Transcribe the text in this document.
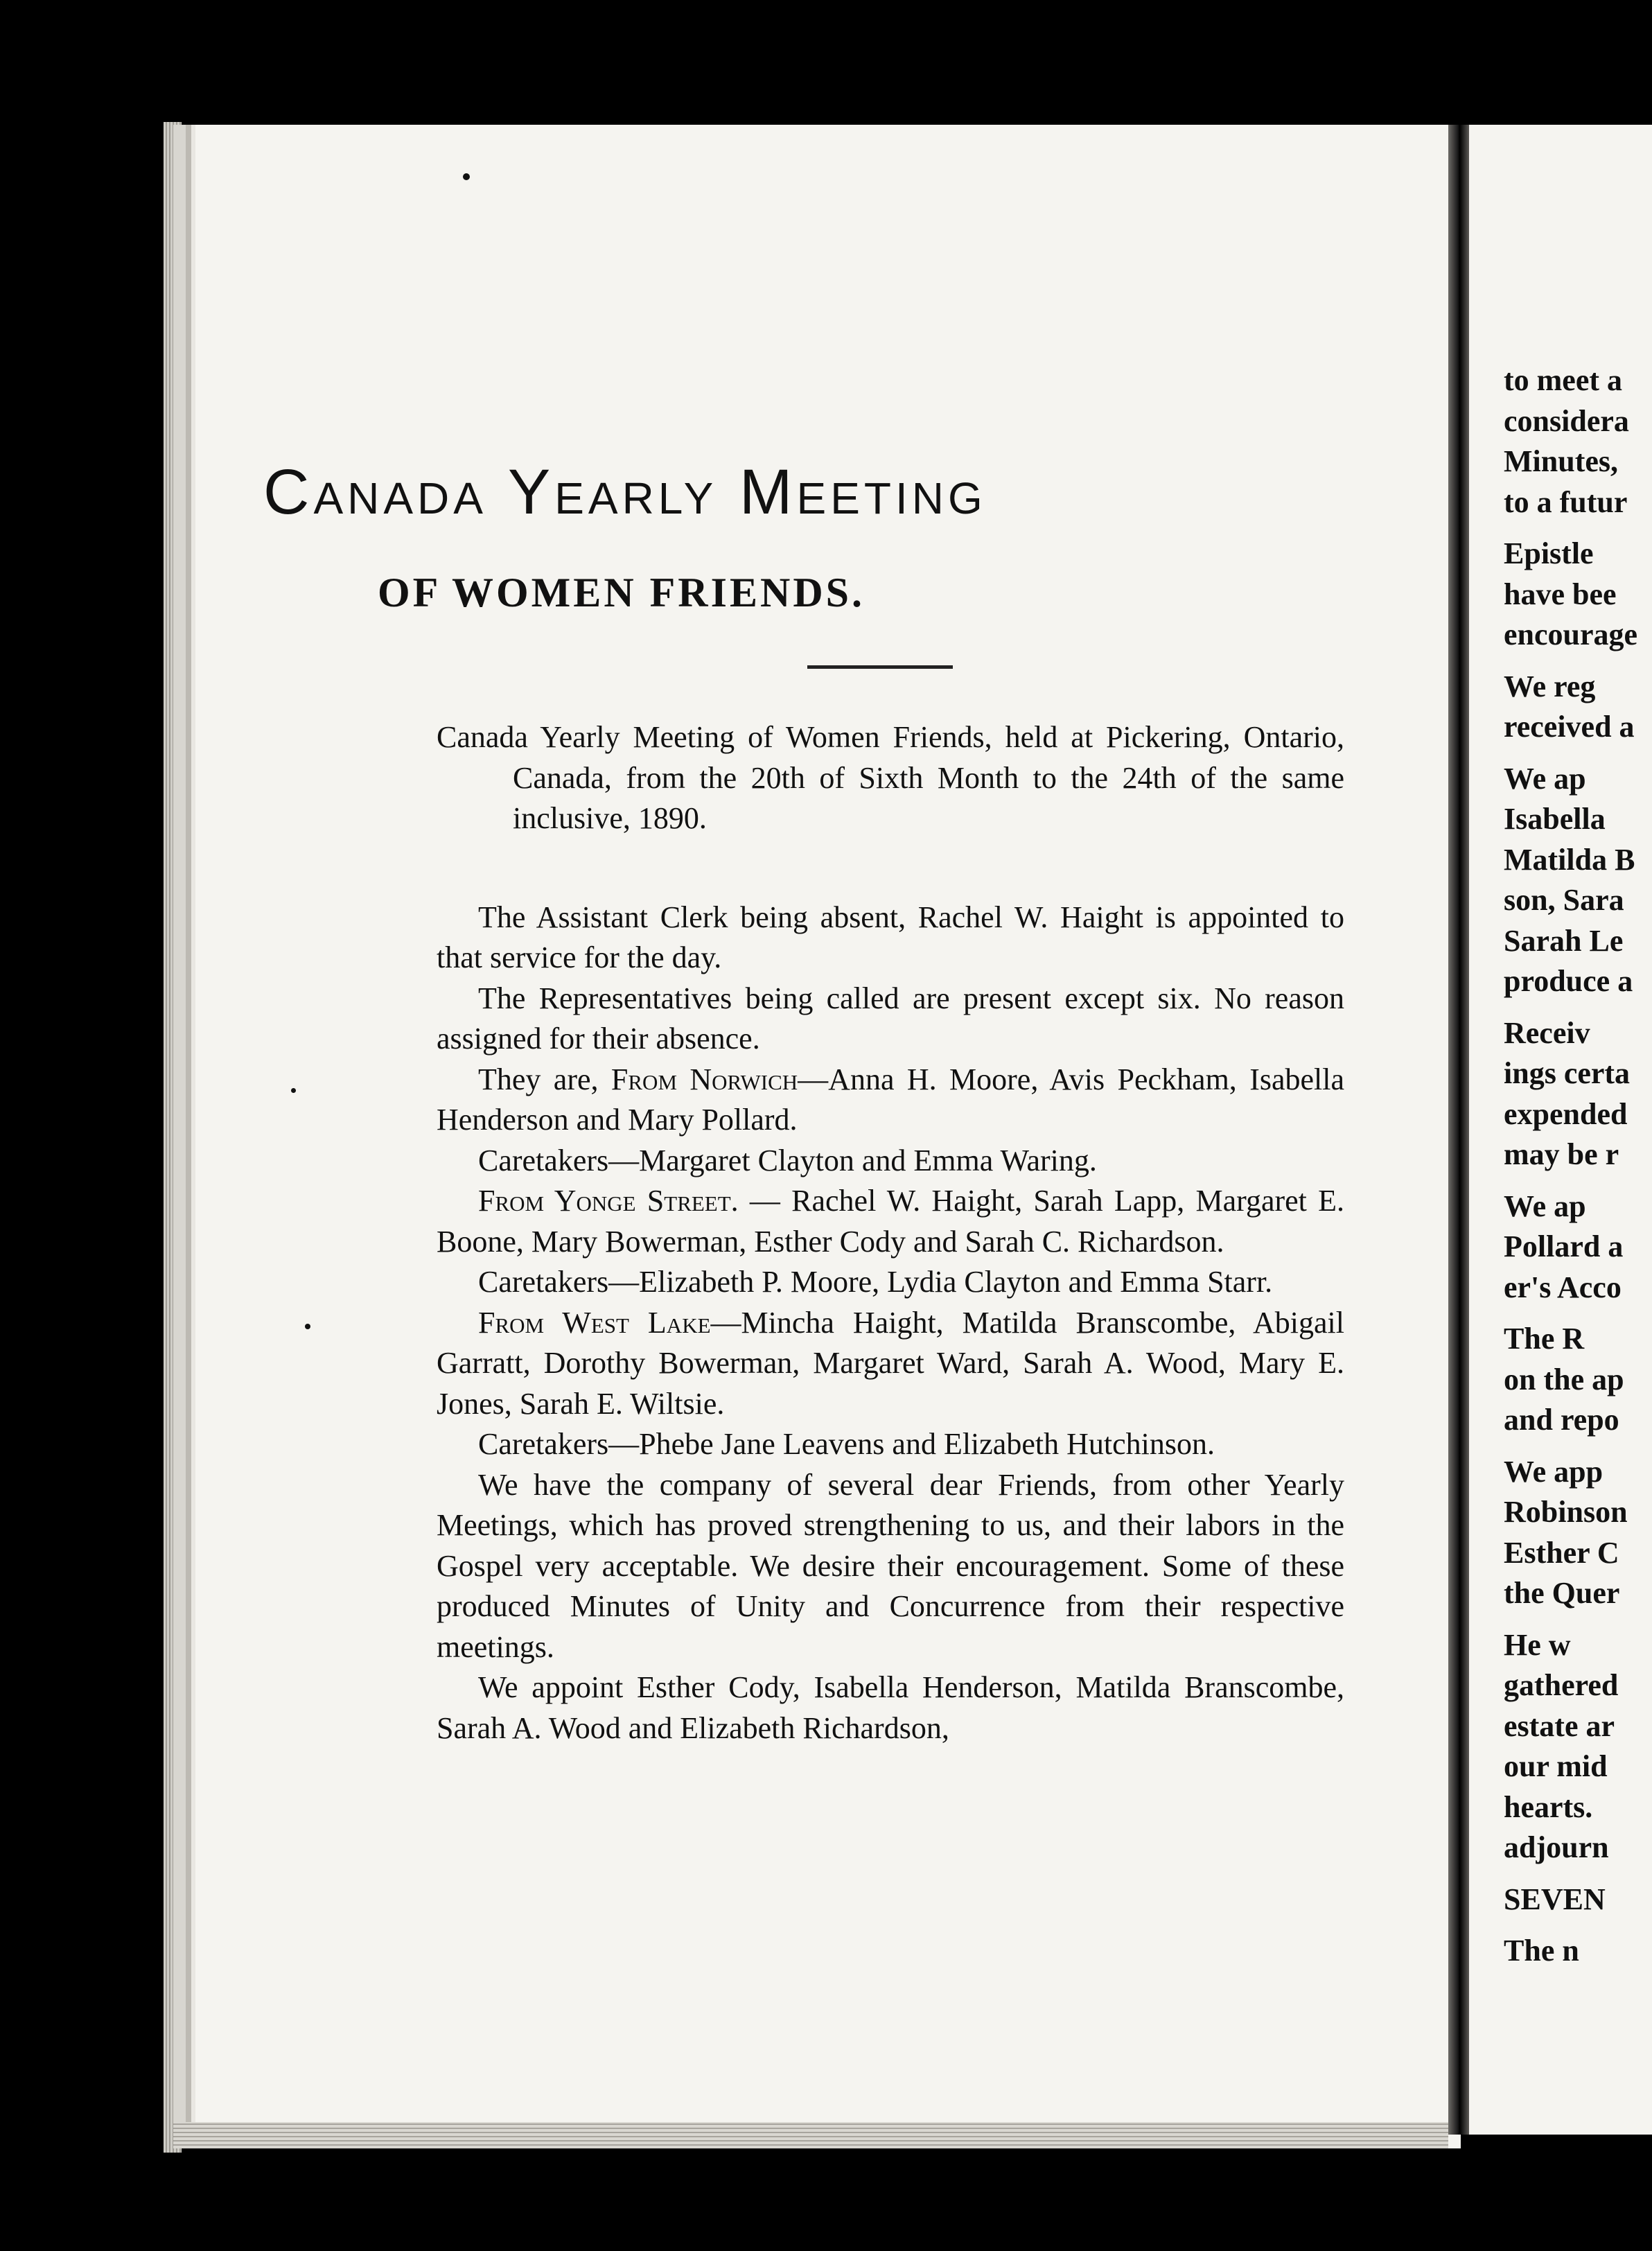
Canada Yearly Meeting
OF WOMEN FRIENDS.

Canada Yearly Meeting of Women Friends, held at Pickering, Ontario, Canada, from the 20th of Sixth Month to the 24th of the same inclusive, 1890.

The Assistant Clerk being absent, Rachel W. Haight is appointed to that service for the day.

The Representatives being called are present except six. No reason assigned for their absence.

They are, From Norwich—Anna H. Moore, Avis Peckham, Isabella Henderson and Mary Pollard.

Caretakers—Margaret Clayton and Emma Waring.

From Yonge Street. — Rachel W. Haight, Sarah Lapp, Margaret E. Boone, Mary Bowerman, Esther Cody and Sarah C. Richardson.

Caretakers—Elizabeth P. Moore, Lydia Clayton and Emma Starr.

From West Lake—Mincha Haight, Matilda Branscombe, Abigail Garratt, Dorothy Bowerman, Margaret Ward, Sarah A. Wood, Mary E. Jones, Sarah E. Wiltsie.

Caretakers—Phebe Jane Leavens and Elizabeth Hutchinson.

We have the company of several dear Friends, from other Yearly Meetings, which has proved strengthening to us, and their labors in the Gospel very acceptable. We desire their encouragement. Some of these produced Minutes of Unity and Concurrence from their respective meetings.

We appoint Esther Cody, Isabella Henderson, Matilda Branscombe, Sarah A. Wood and Elizabeth Richardson,

to meet a
considera
Minutes,
to a futur
Epistle
have bee
encourage
We reg
received a
We ap
Isabella
Matilda B
son, Sara
Sarah Le
produce a
Receiv
ings certa
expended
may be r
We ap
Pollard a
er's Acco
The R
on the ap
and repo
We app
Robinson
Esther C
the Quer
He w
gathered
estate ar
our mid
hearts.
adjourn
SEVEN
The n
